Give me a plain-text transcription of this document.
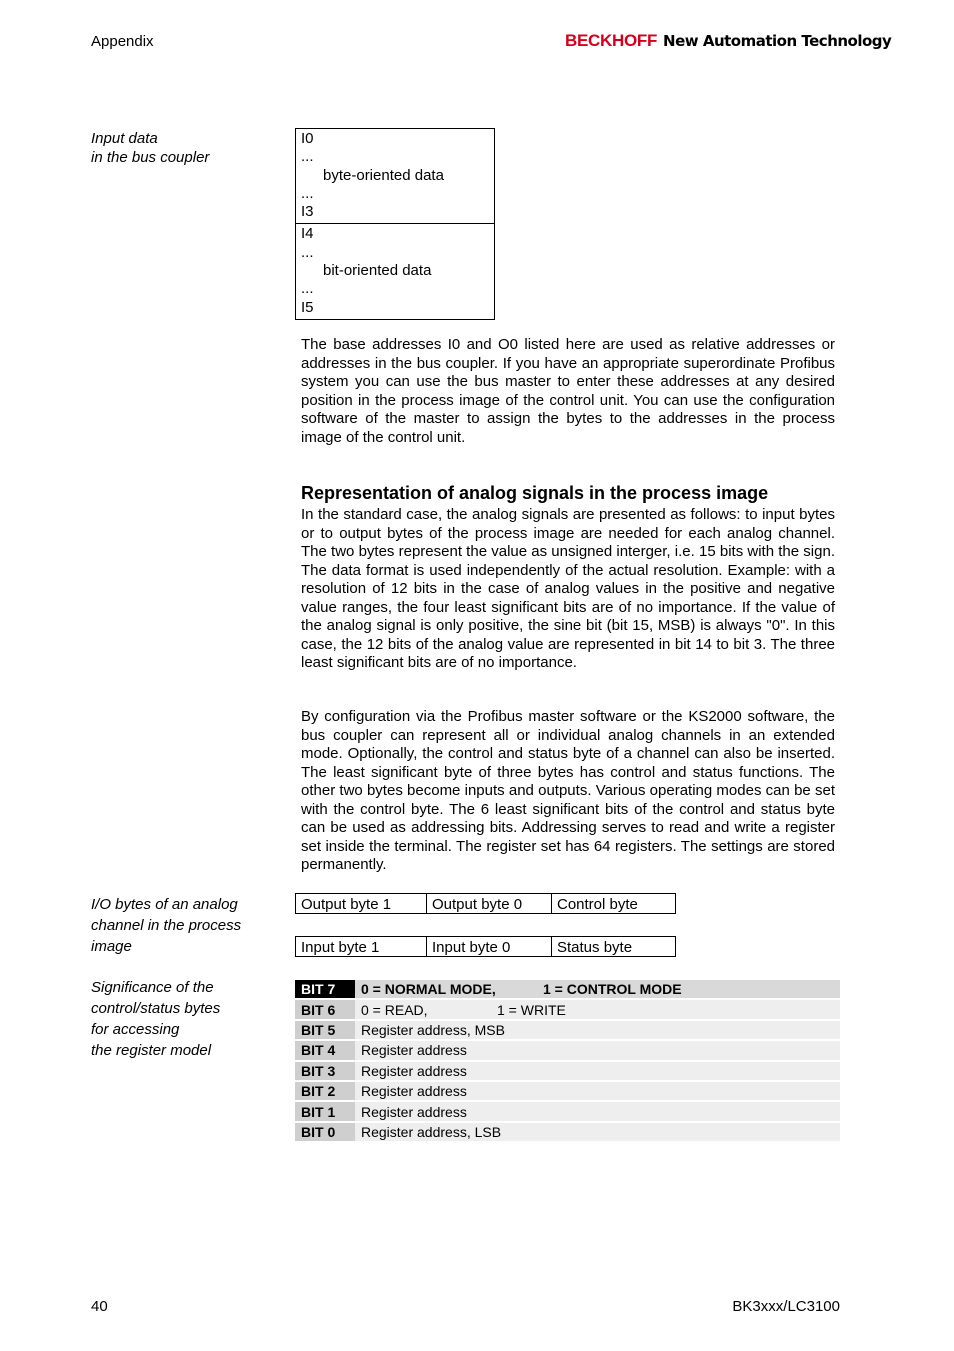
Appendix	BECKHOFF New Automation Technology
Input data
in the bus coupler
I0
...
byte-oriented data
...
I3
I4
...
bit-oriented data
...
I5
The base addresses I0 and O0 listed here are used as relative addresses or addresses in the bus coupler. If you have an appropriate superordinate Profibus system you can use the bus master to enter these addresses at any desired position in the process image of the control unit. You can use the configuration software of the master to assign the bytes to the addresses in the process image of the control unit.
Representation of analog signals in the process image
In the standard case, the analog signals are presented as follows: to input bytes or to output bytes of the process image are needed for each analog channel. The two bytes represent the value as unsigned interger, i.e. 15 bits with the sign. The data format is used independently of the actual resolution. Example: with a resolution of 12 bits in the case of analog values in the positive and negative value ranges, the four least significant bits are of no importance. If the value of the analog signal is only positive, the sine bit (bit 15, MSB) is always "0". In this case, the 12 bits of the analog value are represented in bit 14 to bit 3. The three least significant bits are of no importance.
By configuration via the Profibus master software or the KS2000 software, the bus coupler can represent all or individual analog channels in an extended mode. Optionally, the control and status byte of a channel can also be inserted. The least significant byte of three bytes has control and status functions. The other two bytes become inputs and outputs. Various operating modes can be set with the control byte. The 6 least significant bits of the control and status byte can be used as addressing bits. Addressing serves to read and write a register set inside the terminal. The register set has 64 registers. The settings are stored permanently.
I/O bytes of an analog
channel in the process
image
Output byte 1	Output byte 0	Control byte
Input byte 1	Input byte 0	Status byte
Significance of the
control/status bytes
for accessing
the register model
BIT 7	0 = NORMAL MODE, 1 = CONTROL MODE
BIT 6	0 = READ, 1 = WRITE
BIT 5	Register address, MSB
BIT 4	Register address
BIT 3	Register address
BIT 2	Register address
BIT 1	Register address
BIT 0	Register address, LSB
40	BK3xxx/LC3100
